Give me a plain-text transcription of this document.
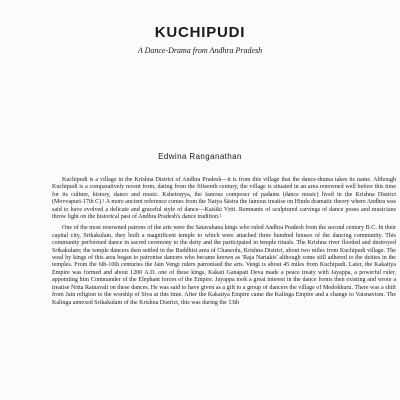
KUCHIPUDI

A Dance-Drama from Andhra Pradesh

Edwina Ranganathan

Kuchipudi is a village in the Krishna District of Andhra Pradesh—it is from this village that the dance-drama takes its name. Although Kuchipudi is a comparatively recent form, dating from the fifteenth century, the village is situated in an area renowned well before this time for its culture, history, dance and music. Kshetrayya, the famous composer of padams (dance music) lived in the Krishna District (Movvapuri-17th C).¹ A more ancient reference comes from the Natya Śāstra the famous treatise on Hindu dramatic theory where Andhra was said to have evolved a delicate and graceful style of dance—Kaiśiki Vṛtti. Remnants of sculptured carvings of dance poses and musicians throw light on the historical past of Andhra Pradesh's dance tradition.²

One of the most renowned patrons of the arts were the Satavahana kings who ruled Andhra Pradesh from the second century B.C. In their capital city, Srikakulam, they built a magnificent temple to which were attached three hundred houses of the dancing community. This community performed dance in sacred ceremony to the deity and the participated in temple rituals. The Krishna river flooded and destroyed Srikakulam; the temple dancers then settled in the Buddhist area of Chaneolu, Krishna District, about two miles from Kuchipudi village. The weal by kings of this area began to patronise dancers who became known as 'Raja Nartakis' although some still adhered to the deities in the temples. From the 6th-10th centuries the Jain Vengi rulers patronised the arts. Vengi is about 45 miles from Kuchipudi. Later, the Kakatiya Empire was formed and about 1200 A.D. one of these kings, Kakati Ganapati Deva made a peace treaty with Jayappa, a powerful ruler, appointing him Commander of the Elephant forces of the Empire. Jayappa took a great interest in the dance forms then existing and wrote a treatise Nrtta Ratnavali on these dances. He was said to have given as a gift to a group of dancers the village of Modokkuru. There was a shift from Jain religion to the worship of Siva at this time. After the Kakatiya Empire came the Kalinga Empire and a change to Vaisnavism. The Kalinga annexed Srikakulam of the Krishna District, this was during the 13th
